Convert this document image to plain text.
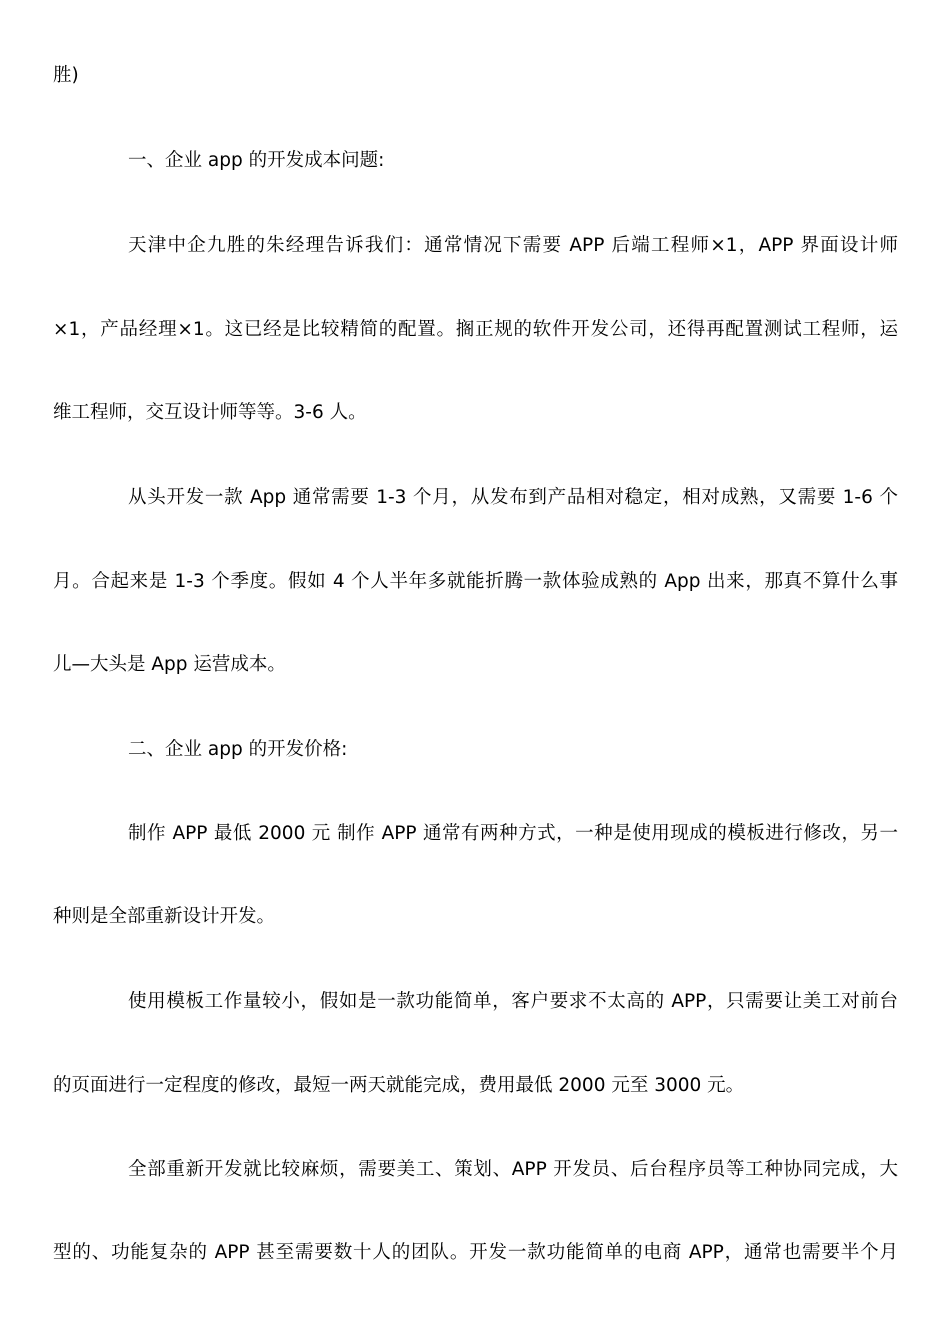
胜)
一、企业 app 的开发成本问题:
天津中企九胜的朱经理告诉我们：通常情况下需要 APP 后端工程师×1，APP 界面设计师
×1，产品经理×1。这已经是比较精简的配置。搁正规的软件开发公司，还得再配置测试工程师，运
维工程师，交互设计师等等。3-6 人。
从头开发一款 App 通常需要 1-3 个月，从发布到产品相对稳定，相对成熟，又需要 1-6 个
月。合起来是 1-3 个季度。假如 4 个人半年多就能折腾一款体验成熟的 App 出来，那真不算什么事
儿—大头是 App 运营成本。
二、企业 app 的开发价格:
制作 APP 最低 2000 元 制作 APP 通常有两种方式，一种是使用现成的模板进行修改，另一
种则是全部重新设计开发。
使用模板工作量较小，假如是一款功能简单，客户要求不太高的 APP，只需要让美工对前台
的页面进行一定程度的修改，最短一两天就能完成，费用最低 2000 元至 3000 元。
全部重新开发就比较麻烦，需要美工、策划、APP 开发员、后台程序员等工种协同完成，大
型的、功能复杂的 APP 甚至需要数十人的团队。开发一款功能简单的电商 APP，通常也需要半个月
